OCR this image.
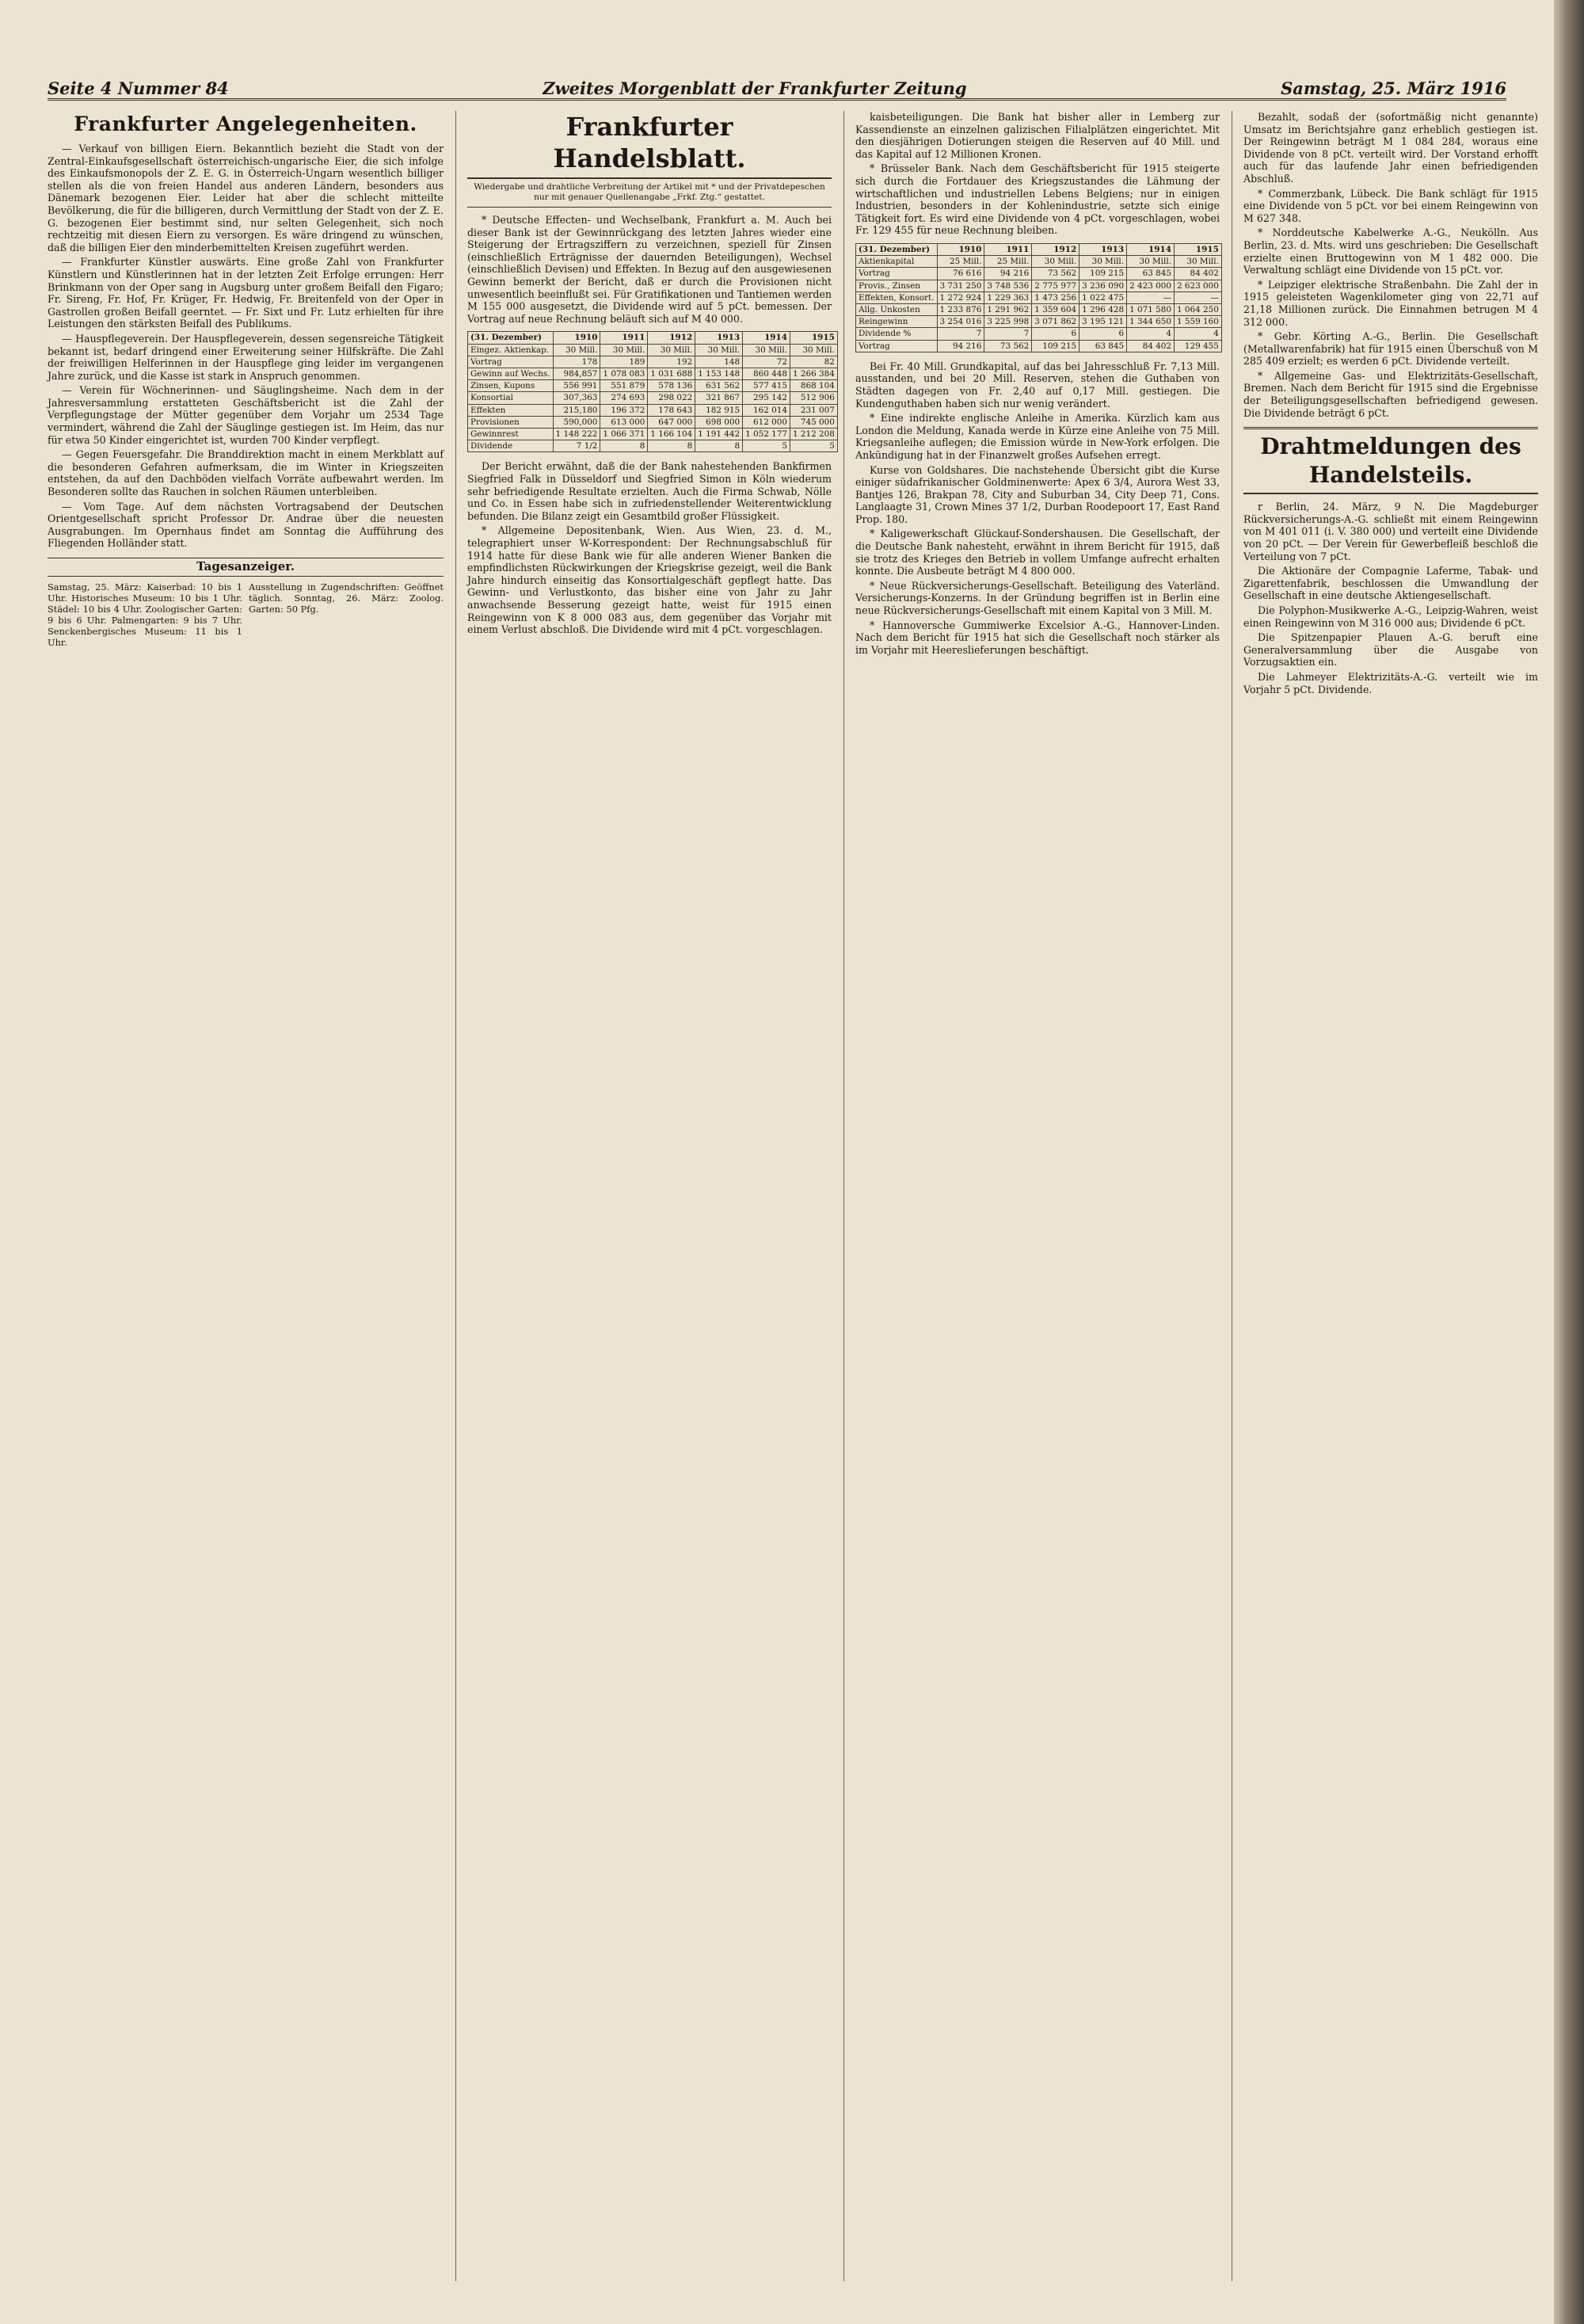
Seite 4 Nummer 84	Zweites Morgenblatt der Frankfurter Zeitung	Samstag, 25. März 1916
Frankfurter Angelegenheiten.

— Verkauf von billigen Eiern. Bekanntlich bezieht die Stadt von der Zentral-Einkaufsgesellschaft österreichisch-ungarische Eier, die sich infolge des Einkaufsmonopols der Z. E. G. in Österreich-Ungarn wesentlich billiger stellen als die von freien Handel aus anderen Ländern, besonders aus Dänemark bezogenen Eier. Leider hat aber die schlecht mitteilte Bevölkerung, die für die billigeren, durch Vermittlung der Stadt von der Z. E. G. bezogenen Eier bestimmt sind, nur selten Gelegenheit, sich noch rechtzeitig mit diesen Eiern zu versorgen. Es wäre dringend zu wünschen, daß die billigen Eier den minderbemittelten Kreisen zugeführt werden.

— Frankfurter Künstler auswärts. Eine große Zahl von Frankfurter Künstlern und Künstlerinnen hat in der letzten Zeit Erfolge errungen: Herr Brinkmann von der Oper sang in Augsburg unter großem Beifall den Figaro; Fr. Sireng, Fr. Hof, Fr. Krüger, Fr. Hedwig, Fr. Breitenfeld von der Oper in Gastrollen großen Beifall geerntet. — Fr. Sixt und Fr. Lutz erhielten für ihre Leistungen den stärksten Beifall des Publikums.

— Hauspflegeverein. Der Hauspflegeverein, dessen segensreiche Tätigkeit bekannt ist, bedarf dringend einer Erweiterung seiner Hilfskräfte. Die Zahl der freiwilligen Helferinnen in der Hauspflege ging leider im vergangenen Jahre zurück, und die Kasse ist stark in Anspruch genommen.

— Verein für Wöchnerinnen- und Säuglingsheime. Nach dem in der Jahresversammlung erstatteten Geschäftsbericht ist die Zahl der Verpflegungstage der Mütter gegenüber dem Vorjahr um 2534 Tage vermindert, während die Zahl der Säuglinge gestiegen ist. Im Heim, das nur für etwa 50 Kinder eingerichtet ist, wurden 700 Kinder verpflegt.

— Gegen Feuersgefahr. Die Branddirektion macht in einem Merkblatt auf die besonderen Gefahren aufmerksam, die im Winter in Kriegszeiten entstehen, da auf den Dachböden vielfach Vorräte aufbewahrt werden. Im Besonderen sollte das Rauchen in solchen Räumen unterbleiben.

— Vom Tage. Auf dem nächsten Vortragsabend der Deutschen Orientgesellschaft spricht Professor Dr. Andrae über die neuesten Ausgrabungen. Im Opernhaus findet am Sonntag die Aufführung des Fliegenden Holländer statt.

Tagesanzeiger.
Samstag, 25. März: Kaiserbad: 10 bis 1 Uhr. Historisches Museum: 10 bis 1 Uhr. Städel: 10 bis 4 Uhr. Zoologischer Garten: 9 bis 6 Uhr. Palmengarten: 9 bis 7 Uhr. Senckenbergisches Museum: 11 bis 1 Uhr.
Ausstellung in Zugendschriften: Geöffnet täglich. Sonntag, 26. März: Zoolog. Garten: 50 Pfg.
Frankfurter Handelsblatt.
Wiedergabe und drahtliche Verbreitung der Artikel mit * und der Privatdepeschen nur mit genauer Quellenangabe „Frkf. Ztg.“ gestattet.

* Deutsche Effecten- und Wechselbank, Frankfurt a. M. Auch bei dieser Bank ist der Gewinnrückgang des letzten Jahres wieder eine Steigerung der Ertragsziffern zu verzeichnen, speziell für Zinsen (einschließlich Erträgnisse der dauernden Beteiligungen), Wechsel (einschließlich Devisen) und Effekten. In Bezug auf den ausgewiesenen Gewinn bemerkt der Bericht, daß er durch die Provisionen nicht unwesentlich beeinflußt sei. Für Gratifikationen und Tantiemen werden M 155 000 ausgesetzt, die Dividende wird auf 5 pCt. bemessen. Der Vortrag auf neue Rechnung beläuft sich auf M 40 000.

(31. Dezember)	1910	1911	1912	1913	1914	1915
Eingez. Aktienkap.	30 Mill.	30 Mill.	30 Mill.	30 Mill.	30 Mill.	30 Mill.
Vortrag	178	189	192	148	72	82
Gewinn auf Wechs.	984,857	1 078 083	1 031 688	1 153 148	860 448	1 266 384
Zinsen, Kupons	556 991	551 879	578 136	631 562	577 415	868 104
Konsortial	307,363	274 693	298 022	321 867	295 142	512 906
Effekten	215,180	196 372	178 643	182 915	162 014	231 007
Provisionen	590,000	613 000	647 000	698 000	612 000	745 000
Gewinnrest	1 148 222	1 066 371	1 166 104	1 191 442	1 052 177	1 212 208
Dividende	7 1/2	8	8	8	5	5

Der Bericht erwähnt, daß die der Bank nahestehenden Bankfirmen Siegfried Falk in Düsseldorf und Siegfried Simon in Köln wiederum sehr befriedigende Resultate erzielten. Auch die Firma Schwab, Nölle und Co. in Essen habe sich in zufriedenstellender Weiterentwicklung befunden. Die Bilanz zeigt ein Gesamtbild großer Flüssigkeit.

* Allgemeine Depositenbank, Wien. Aus Wien, 23. d. M., telegraphiert unser W-Korrespondent: Der Rechnungsabschluß für 1914 hatte für diese Bank wie für alle anderen Wiener Banken die empfindlichsten Rückwirkungen der Kriegskrise gezeigt, weil die Bank Jahre hindurch einseitig das Konsortialgeschäft gepflegt hatte. Das Gewinn- und Verlustkonto, das bisher eine von Jahr zu Jahr anwachsende Besserung gezeigt hatte, weist für 1915 einen Reingewinn von K 8 000 083 aus, dem gegenüber das Vorjahr mit einem Verlust abschloß. Die Dividende wird mit 4 pCt. vorgeschlagen.

kaisbeteiligungen. Die Bank hat bisher aller in Lemberg zur Kassendienste an einzelnen galizischen Filialplätzen eingerichtet. Mit den diesjährigen Dotierungen steigen die Reserven auf 40 Mill. und das Kapital auf 12 Millionen Kronen.

* Brüsseler Bank. Nach dem Geschäftsbericht für 1915 steigerte sich durch die Fortdauer des Kriegszustandes die Lähmung der wirtschaftlichen und industriellen Lebens Belgiens; nur in einigen Industrien, besonders in der Kohlenindustrie, setzte sich einige Tätigkeit fort. Es wird eine Dividende von 4 pCt. vorgeschlagen, wobei Fr. 129 455 für neue Rechnung bleiben.

(31. Dezember)	1910	1911	1912	1913	1914	1915
Aktienkapital	25 Mill.	25 Mill.	30 Mill.	30 Mill.	30 Mill.	30 Mill.
Vortrag	76 616	94 216	73 562	109 215	63 845	84 402
Provis., Zinsen	3 731 250	3 748 536	2 775 977	3 236 090	2 423 000	2 623 000
Effekten, Konsort.	1 272 924	1 229 363	1 473 256	1 022 475	—	—
Allg. Unkosten	1 233 876	1 291 962	1 359 604	1 296 428	1 071 580	1 064 250
Reingewinn	3 254 016	3 225 998	3 071 862	3 195 121	1 344 650	1 559 160
Dividende %	7	7	6	6	4	4
Vortrag	94 216	73 562	109 215	63 845	84 402	129 455

Bei Fr. 40 Mill. Grundkapital, auf das bei Jahresschluß Fr. 7,13 Mill. ausstanden, und bei 20 Mill. Reserven, stehen die Guthaben von Städten dagegen von Fr. 2,40 auf 0,17 Mill. gestiegen. Die Kundenguthaben haben sich nur wenig verändert.

* Eine indirekte englische Anleihe in Amerika. Kürzlich kam aus London die Meldung, Kanada werde in Kürze eine Anleihe von 75 Mill. Kriegsanleihe auflegen; die Emission würde in New-York erfolgen. Die Ankündigung hat in der Finanzwelt großes Aufsehen erregt.

Kurse von Goldshares. Die nachstehende Übersicht gibt die Kurse einiger südafrikanischer Goldminenwerte: Apex 6 3/4, Aurora West 33, Bantjes 126, Brakpan 78, City and Suburban 34, City Deep 71, Cons. Langlaagte 31, Crown Mines 37 1/2, Durban Roodepoort 17, East Rand Prop. 180.

* Kaligewerkschaft Glückauf-Sondershausen. Die Gesellschaft, der die Deutsche Bank nahesteht, erwähnt in ihrem Bericht für 1915, daß sie trotz des Krieges den Betrieb in vollem Umfange aufrecht erhalten konnte. Die Ausbeute beträgt M 4 800 000.

* Neue Rückversicherungs-Gesellschaft. Beteiligung des Vaterländ. Versicherungs-Konzerns. In der Gründung begriffen ist in Berlin eine neue Rückversicherungs-Gesellschaft mit einem Kapital von 3 Mill. M.

* Hannoversche Gummiwerke Excelsior A.-G., Hannover-Linden. Nach dem Bericht für 1915 hat sich die Gesellschaft noch stärker als im Vorjahr mit Heereslieferungen beschäftigt.

Bezahlt, sodaß der (sofortmäßig nicht genannte) Umsatz im Berichtsjahre ganz erheblich gestiegen ist. Der Reingewinn beträgt M 1 084 284, woraus eine Dividende von 8 pCt. verteilt wird. Der Vorstand erhofft auch für das laufende Jahr einen befriedigenden Abschluß.

* Commerzbank, Lübeck. Die Bank schlägt für 1915 eine Dividende von 5 pCt. vor bei einem Reingewinn von M 627 348.

* Norddeutsche Kabelwerke A.-G., Neukölln. Aus Berlin, 23. d. Mts. wird uns geschrieben: Die Gesellschaft erzielte einen Bruttogewinn von M 1 482 000. Die Verwaltung schlägt eine Dividende von 15 pCt. vor.

* Leipziger elektrische Straßenbahn. Die Zahl der in 1915 geleisteten Wagenkilometer ging von 22,71 auf 21,18 Millionen zurück. Die Einnahmen betrugen M 4 312 000.

* Gebr. Körting A.-G., Berlin. Die Gesellschaft (Metallwarenfabrik) hat für 1915 einen Überschuß von M 285 409 erzielt; es werden 6 pCt. Dividende verteilt.

* Allgemeine Gas- und Elektrizitäts-Gesellschaft, Bremen. Nach dem Bericht für 1915 sind die Ergebnisse der Beteiligungsgesellschaften befriedigend gewesen. Die Dividende beträgt 6 pCt.

Drahtmeldungen des Handelsteils.

r Berlin, 24. März, 9 N. Die Magdeburger Rückversicherungs-A.-G. schließt mit einem Reingewinn von M 401 011 (i. V. 380 000) und verteilt eine Dividende von 20 pCt. — Der Verein für Gewerbefleiß beschloß die Verteilung von 7 pCt.

Die Aktionäre der Compagnie Laferme, Tabak- und Zigarettenfabrik, beschlossen die Umwandlung der Gesellschaft in eine deutsche Aktiengesellschaft.

Die Polyphon-Musikwerke A.-G., Leipzig-Wahren, weist einen Reingewinn von M 316 000 aus; Dividende 6 pCt.

Die Spitzenpapier Plauen A.-G. beruft eine Generalversammlung über die Ausgabe von Vorzugsaktien ein.

Die Lahmeyer Elektrizitäts-A.-G. verteilt wie im Vorjahr 5 pCt. Dividende.
